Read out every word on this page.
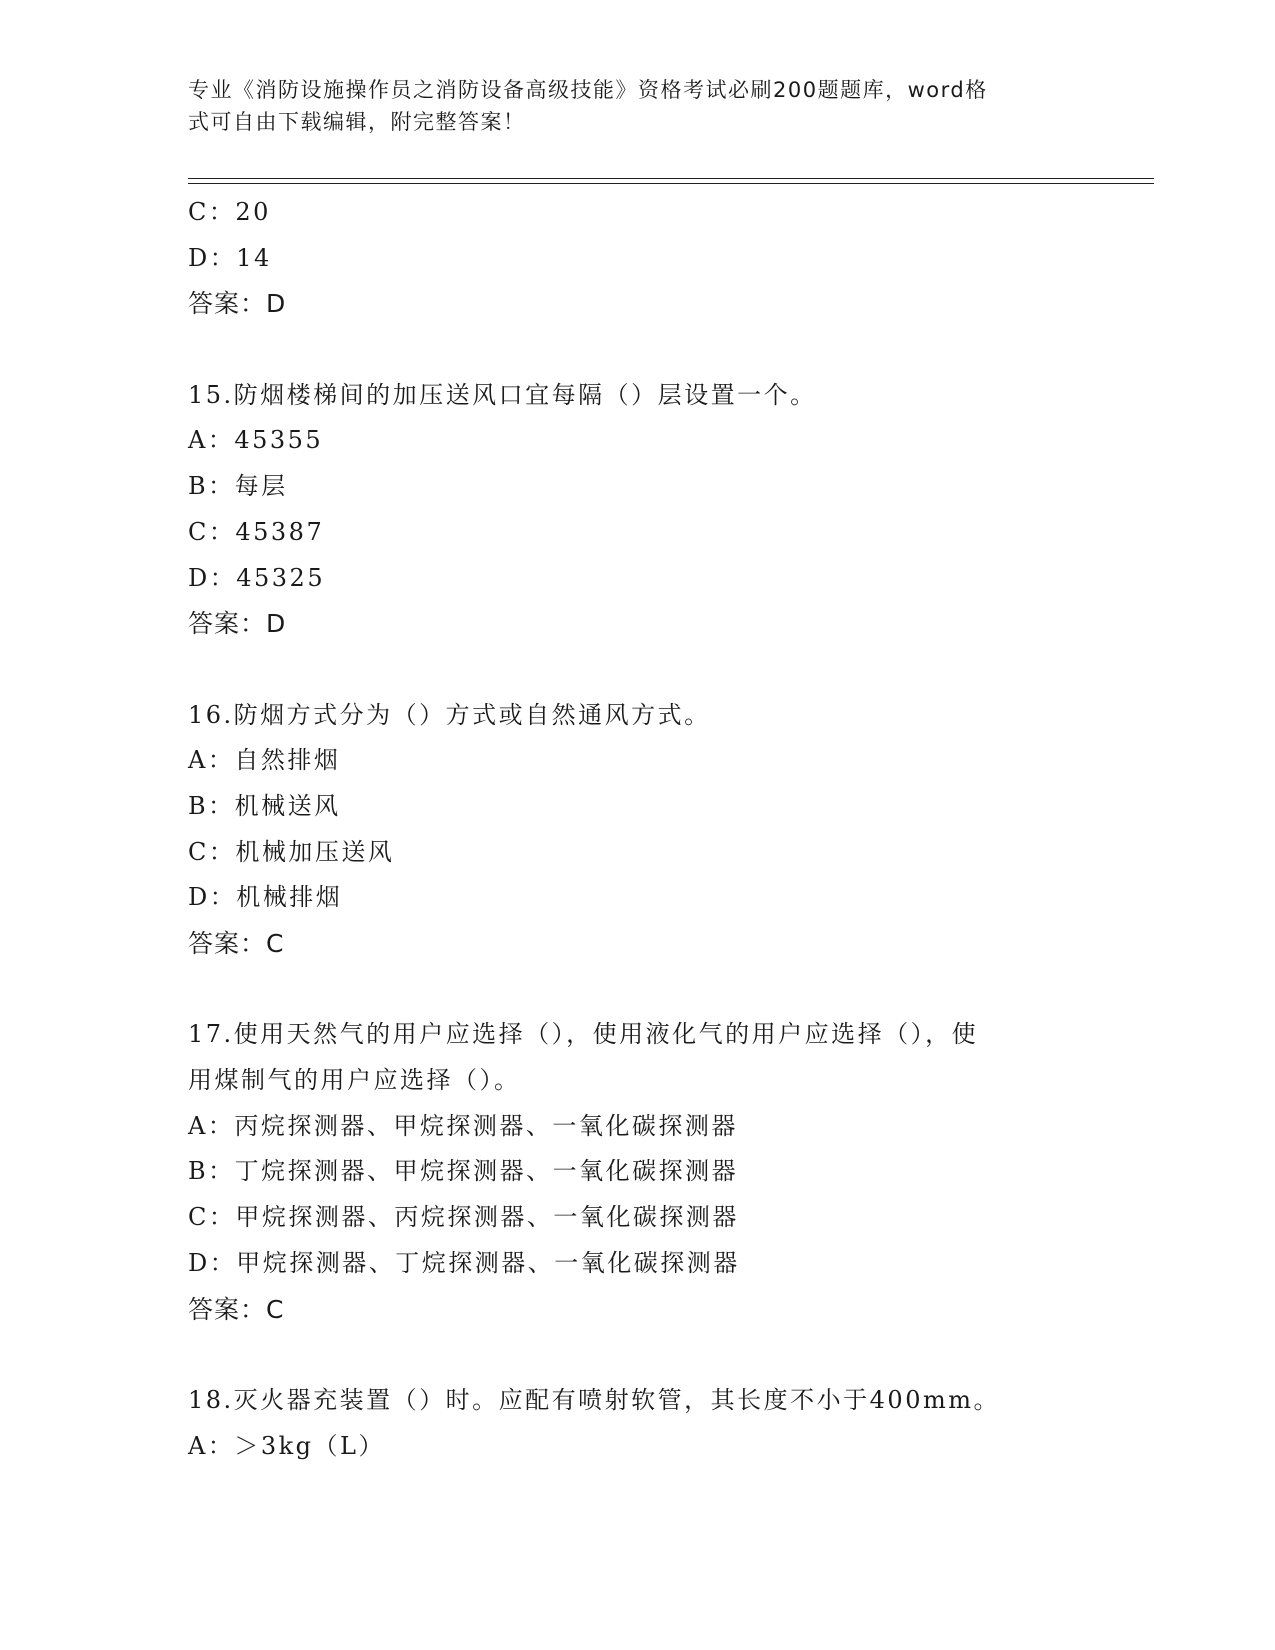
专业《消防设施操作员之消防设备高级技能》资格考试必刷200题题库，word格
式可自由下载编辑，附完整答案！
C：20
D：14
答案：D
15.防烟楼梯间的加压送风口宜每隔（）层设置一个。
A：45355
B：每层
C：45387
D：45325
答案：D
16.防烟方式分为（）方式或自然通风方式。
A：自然排烟
B：机械送风
C：机械加压送风
D：机械排烟
答案：C
17.使用天然气的用户应选择（），使用液化气的用户应选择（），使
用煤制气的用户应选择（）。
A：丙烷探测器、甲烷探测器、一氧化碳探测器
B：丁烷探测器、甲烷探测器、一氧化碳探测器
C：甲烷探测器、丙烷探测器、一氧化碳探测器
D：甲烷探测器、丁烷探测器、一氧化碳探测器
答案：C
18.灭火器充装置（）时。应配有喷射软管，其长度不小于400mm。
A：＞3kg（L）
